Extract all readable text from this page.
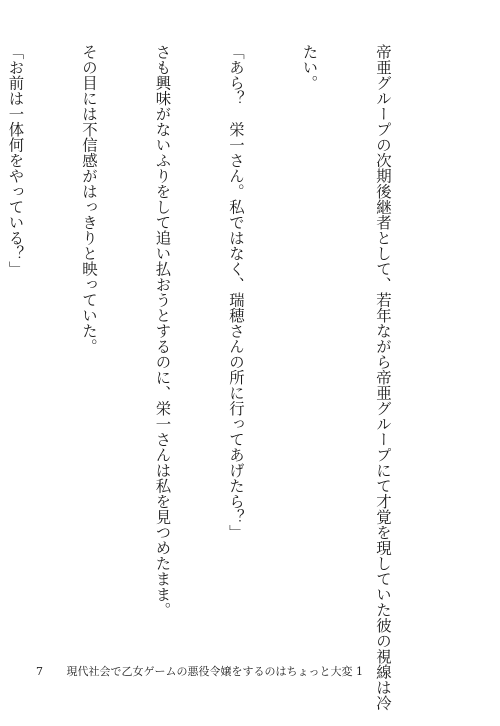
帝亜グループの次期後継者として、若年ながら帝亜グループにて才覚を現していた彼の視線は冷

たい。

「あら？　栄一さん。私ではなく、瑞穂さんの所に行ってあげたら？」

さも興味がないふりをして追い払おうとするのに、栄一さんは私を見つめたまま。

その目には不信感がはっきりと映っていた。

「お前は一体何をやっている？」

7 現代社会で乙女ゲームの悪役令嬢をするのはちょっと大変 1
